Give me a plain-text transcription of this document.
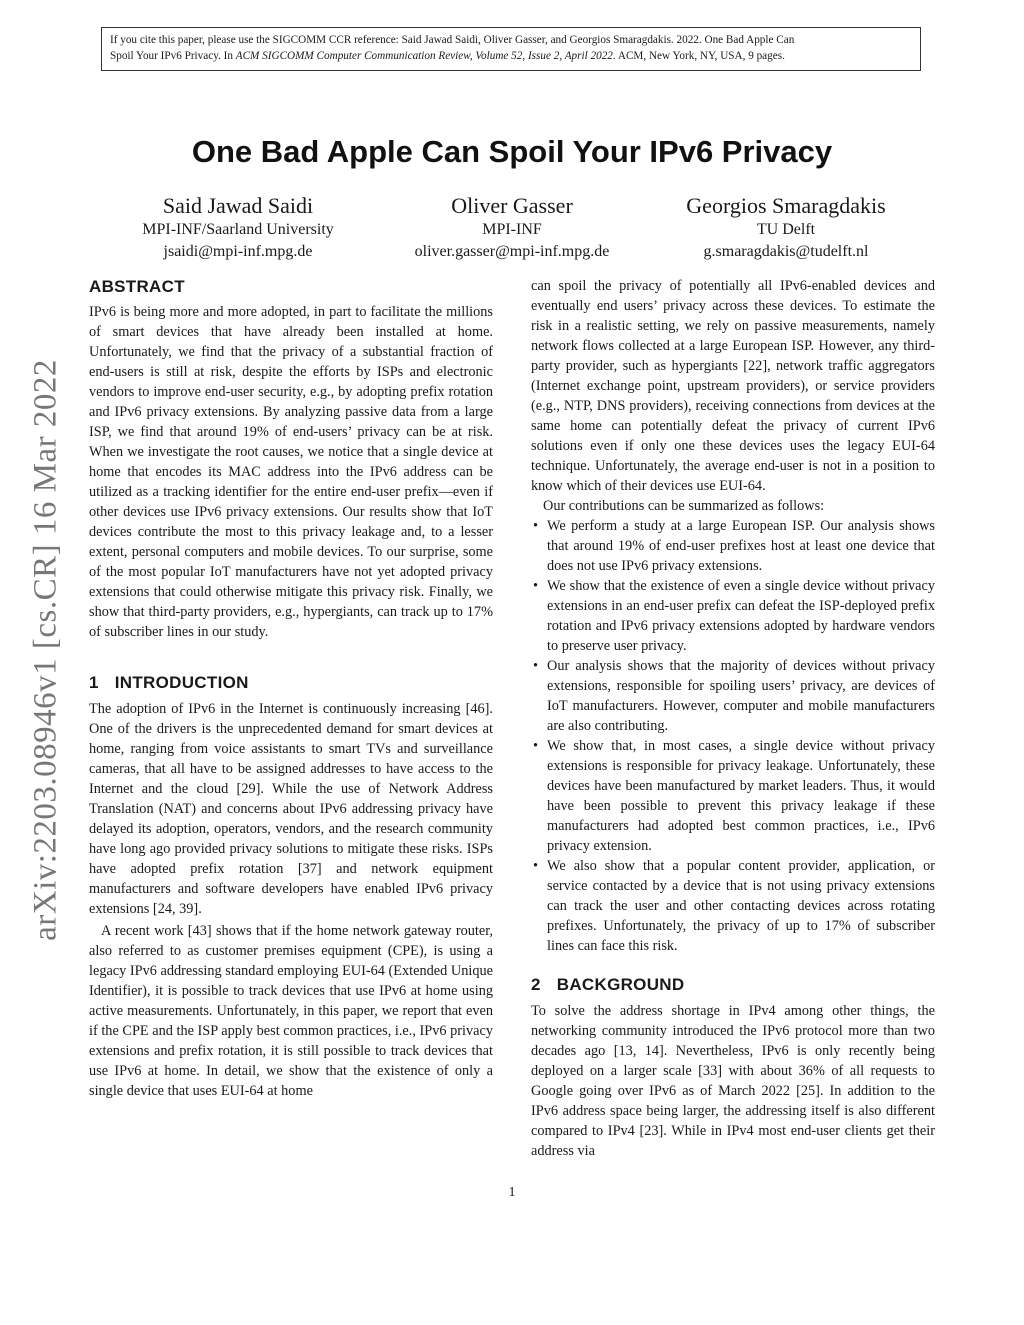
If you cite this paper, please use the SIGCOMM CCR reference: Said Jawad Saidi, Oliver Gasser, and Georgios Smaragdakis. 2022. One Bad Apple Can
Spoil Your IPv6 Privacy. In ACM SIGCOMM Computer Communication Review, Volume 52, Issue 2, April 2022. ACM, New York, NY, USA, 9 pages.
arXiv:2203.08946v1 [cs.CR] 16 Mar 2022
One Bad Apple Can Spoil Your IPv6 Privacy
Said Jawad Saidi
MPI-INF/Saarland University
jsaidi@mpi-inf.mpg.de
Oliver Gasser
MPI-INF
oliver.gasser@mpi-inf.mpg.de
Georgios Smaragdakis
TU Delft
g.smaragdakis@tudelft.nl
ABSTRACT

IPv6 is being more and more adopted, in part to facilitate the millions of smart devices that have already been installed at home. Unfortunately, we find that the privacy of a substantial fraction of end-users is still at risk, despite the efforts by ISPs and electronic vendors to improve end-user security, e.g., by adopting prefix rotation and IPv6 privacy extensions. By analyzing passive data from a large ISP, we find that around 19% of end-users’ privacy can be at risk. When we investigate the root causes, we notice that a single device at home that encodes its MAC address into the IPv6 address can be utilized as a tracking identifier for the entire end-user prefix—even if other devices use IPv6 privacy extensions. Our results show that IoT devices contribute the most to this privacy leakage and, to a lesser extent, personal computers and mobile devices. To our surprise, some of the most popular IoT manufacturers have not yet adopted privacy extensions that could otherwise mitigate this privacy risk. Finally, we show that third-party providers, e.g., hypergiants, can track up to 17% of subscriber lines in our study.

1 INTRODUCTION

The adoption of IPv6 in the Internet is continuously increasing [46]. One of the drivers is the unprecedented demand for smart devices at home, ranging from voice assistants to smart TVs and surveillance cameras, that all have to be assigned addresses to have access to the Internet and the cloud [29]. While the use of Network Address Translation (NAT) and concerns about IPv6 addressing privacy have delayed its adoption, operators, vendors, and the research community have long ago provided privacy solutions to mitigate these risks. ISPs have adopted prefix rotation [37] and network equipment manufacturers and software developers have enabled IPv6 privacy extensions [24, 39].

A recent work [43] shows that if the home network gateway router, also referred to as customer premises equipment (CPE), is using a legacy IPv6 addressing standard employing EUI-64 (Extended Unique Identifier), it is possible to track devices that use IPv6 at home using active measurements. Unfortunately, in this paper, we report that even if the CPE and the ISP apply best common practices, i.e., IPv6 privacy extensions and prefix rotation, it is still possible to track devices that use IPv6 at home. In detail, we show that the existence of only a single device that uses EUI-64 at home

can spoil the privacy of potentially all IPv6-enabled devices and eventually end users’ privacy across these devices. To estimate the risk in a realistic setting, we rely on passive measurements, namely network flows collected at a large European ISP. However, any third-party provider, such as hypergiants [22], network traffic aggregators (Internet exchange point, upstream providers), or service providers (e.g., NTP, DNS providers), receiving connections from devices at the same home can potentially defeat the privacy of current IPv6 solutions even if only one these devices uses the legacy EUI-64 technique. Unfortunately, the average end-user is not in a position to know which of their devices use EUI-64.

Our contributions can be summarized as follows:

• We perform a study at a large European ISP. Our analysis shows that around 19% of end-user prefixes host at least one device that does not use IPv6 privacy extensions.
• We show that the existence of even a single device without privacy extensions in an end-user prefix can defeat the ISP-deployed prefix rotation and IPv6 privacy extensions adopted by hardware vendors to preserve user privacy.
• Our analysis shows that the majority of devices without privacy extensions, responsible for spoiling users’ privacy, are devices of IoT manufacturers. However, computer and mobile manufacturers are also contributing.
• We show that, in most cases, a single device without privacy extensions is responsible for privacy leakage. Unfortunately, these devices have been manufactured by market leaders. Thus, it would have been possible to prevent this privacy leakage if these manufacturers had adopted best common practices, i.e., IPv6 privacy extension.
• We also show that a popular content provider, application, or service contacted by a device that is not using privacy extensions can track the user and other contacting devices across rotating prefixes. Unfortunately, the privacy of up to 17% of subscriber lines can face this risk.
2 BACKGROUND

To solve the address shortage in IPv4 among other things, the networking community introduced the IPv6 protocol more than two decades ago [13, 14]. Nevertheless, IPv6 is only recently being deployed on a larger scale [33] with about 36% of all requests to Google going over IPv6 as of March 2022 [25]. In addition to the IPv6 address space being larger, the addressing itself is also different compared to IPv4 [23]. While in IPv4 most end-user clients get their address via

1
